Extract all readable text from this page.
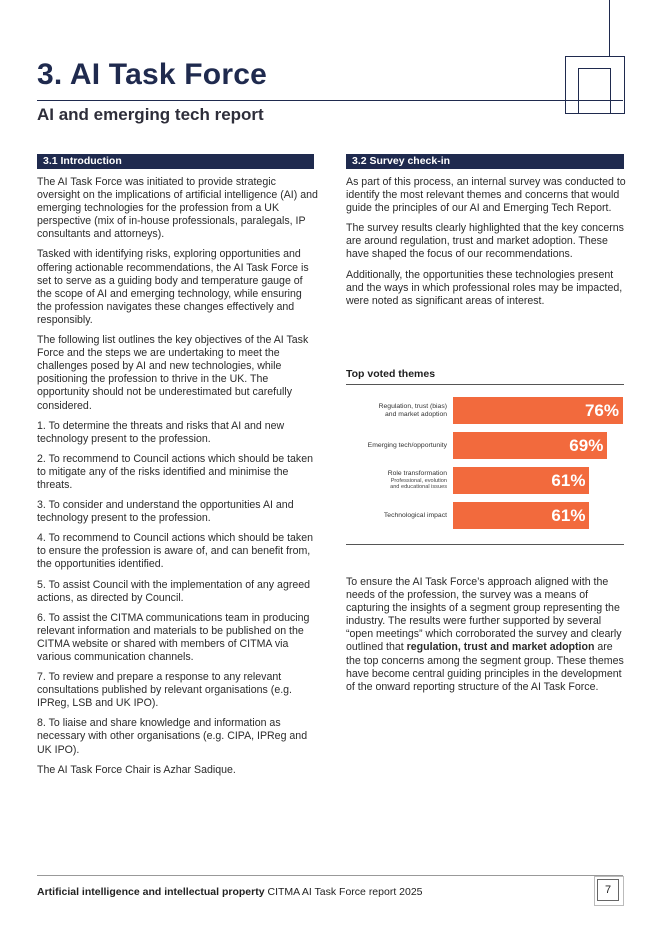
3. AI Task Force
AI and emerging tech report
3.1 Introduction

The AI Task Force was initiated to provide strategic oversight on the implications of artificial intelligence (AI) and emerging technologies for the profession from a UK perspective (mix of in-house professionals, paralegals, IP consultants and attorneys).

Tasked with identifying risks, exploring opportunities and offering actionable recommendations, the AI Task Force is set to serve as a guiding body and temperature gauge of the scope of AI and emerging technology, while ensuring the profession navigates these changes effectively and responsibly.

The following list outlines the key objectives of the AI Task Force and the steps we are undertaking to meet the challenges posed by AI and new technologies, while positioning the profession to thrive in the UK. The opportunity should not be underestimated but carefully considered.

1. To determine the threats and risks that AI and new technology present to the profession.

2. To recommend to Council actions which should be taken to mitigate any of the risks identified and minimise the threats.

3. To consider and understand the opportunities AI and technology present to the profession.

4. To recommend to Council actions which should be taken to ensure the profession is aware of, and can benefit from, the opportunities identified.

5. To assist Council with the implementation of any agreed actions, as directed by Council.

6. To assist the CITMA communications team in producing relevant information and materials to be published on the CITMA website or shared with members of CITMA via various communication channels.

7. To review and prepare a response to any relevant consultations published by relevant organisations (e.g. IPReg, LSB and UK IPO).

8. To liaise and share knowledge and information as necessary with other organisations (e.g. CIPA, IPReg and UK IPO).

The AI Task Force Chair is Azhar Sadique.

3.2 Survey check-in

As part of this process, an internal survey was conducted to identify the most relevant themes and concerns that would guide the principles of our AI and Emerging Tech Report.

The survey results clearly highlighted that the key concerns are around regulation, trust and market adoption. These have shaped the focus of our recommendations.

Additionally, the opportunities these technologies present and the ways in which professional roles may be impacted, were noted as significant areas of interest.

Top voted themes
76%
Regulation, trust (bias)
and market adoption
69%
Emerging tech/opportunity
61%
Role transformation
Professional, evolution and educational issues
61%
Technological impact

To ensure the AI Task Force’s approach aligned with the needs of the profession, the survey was a means of capturing the insights of a segment group representing the industry. The results were further supported by several “open meetings” which corroborated the survey and clearly outlined that regulation, trust and market adoption are the top concerns among the segment group. These themes have become central guiding principles in the development of the onward reporting structure of the AI Task Force.

Artificial intelligence and intellectual property CITMA AI Task Force report 2025	7
